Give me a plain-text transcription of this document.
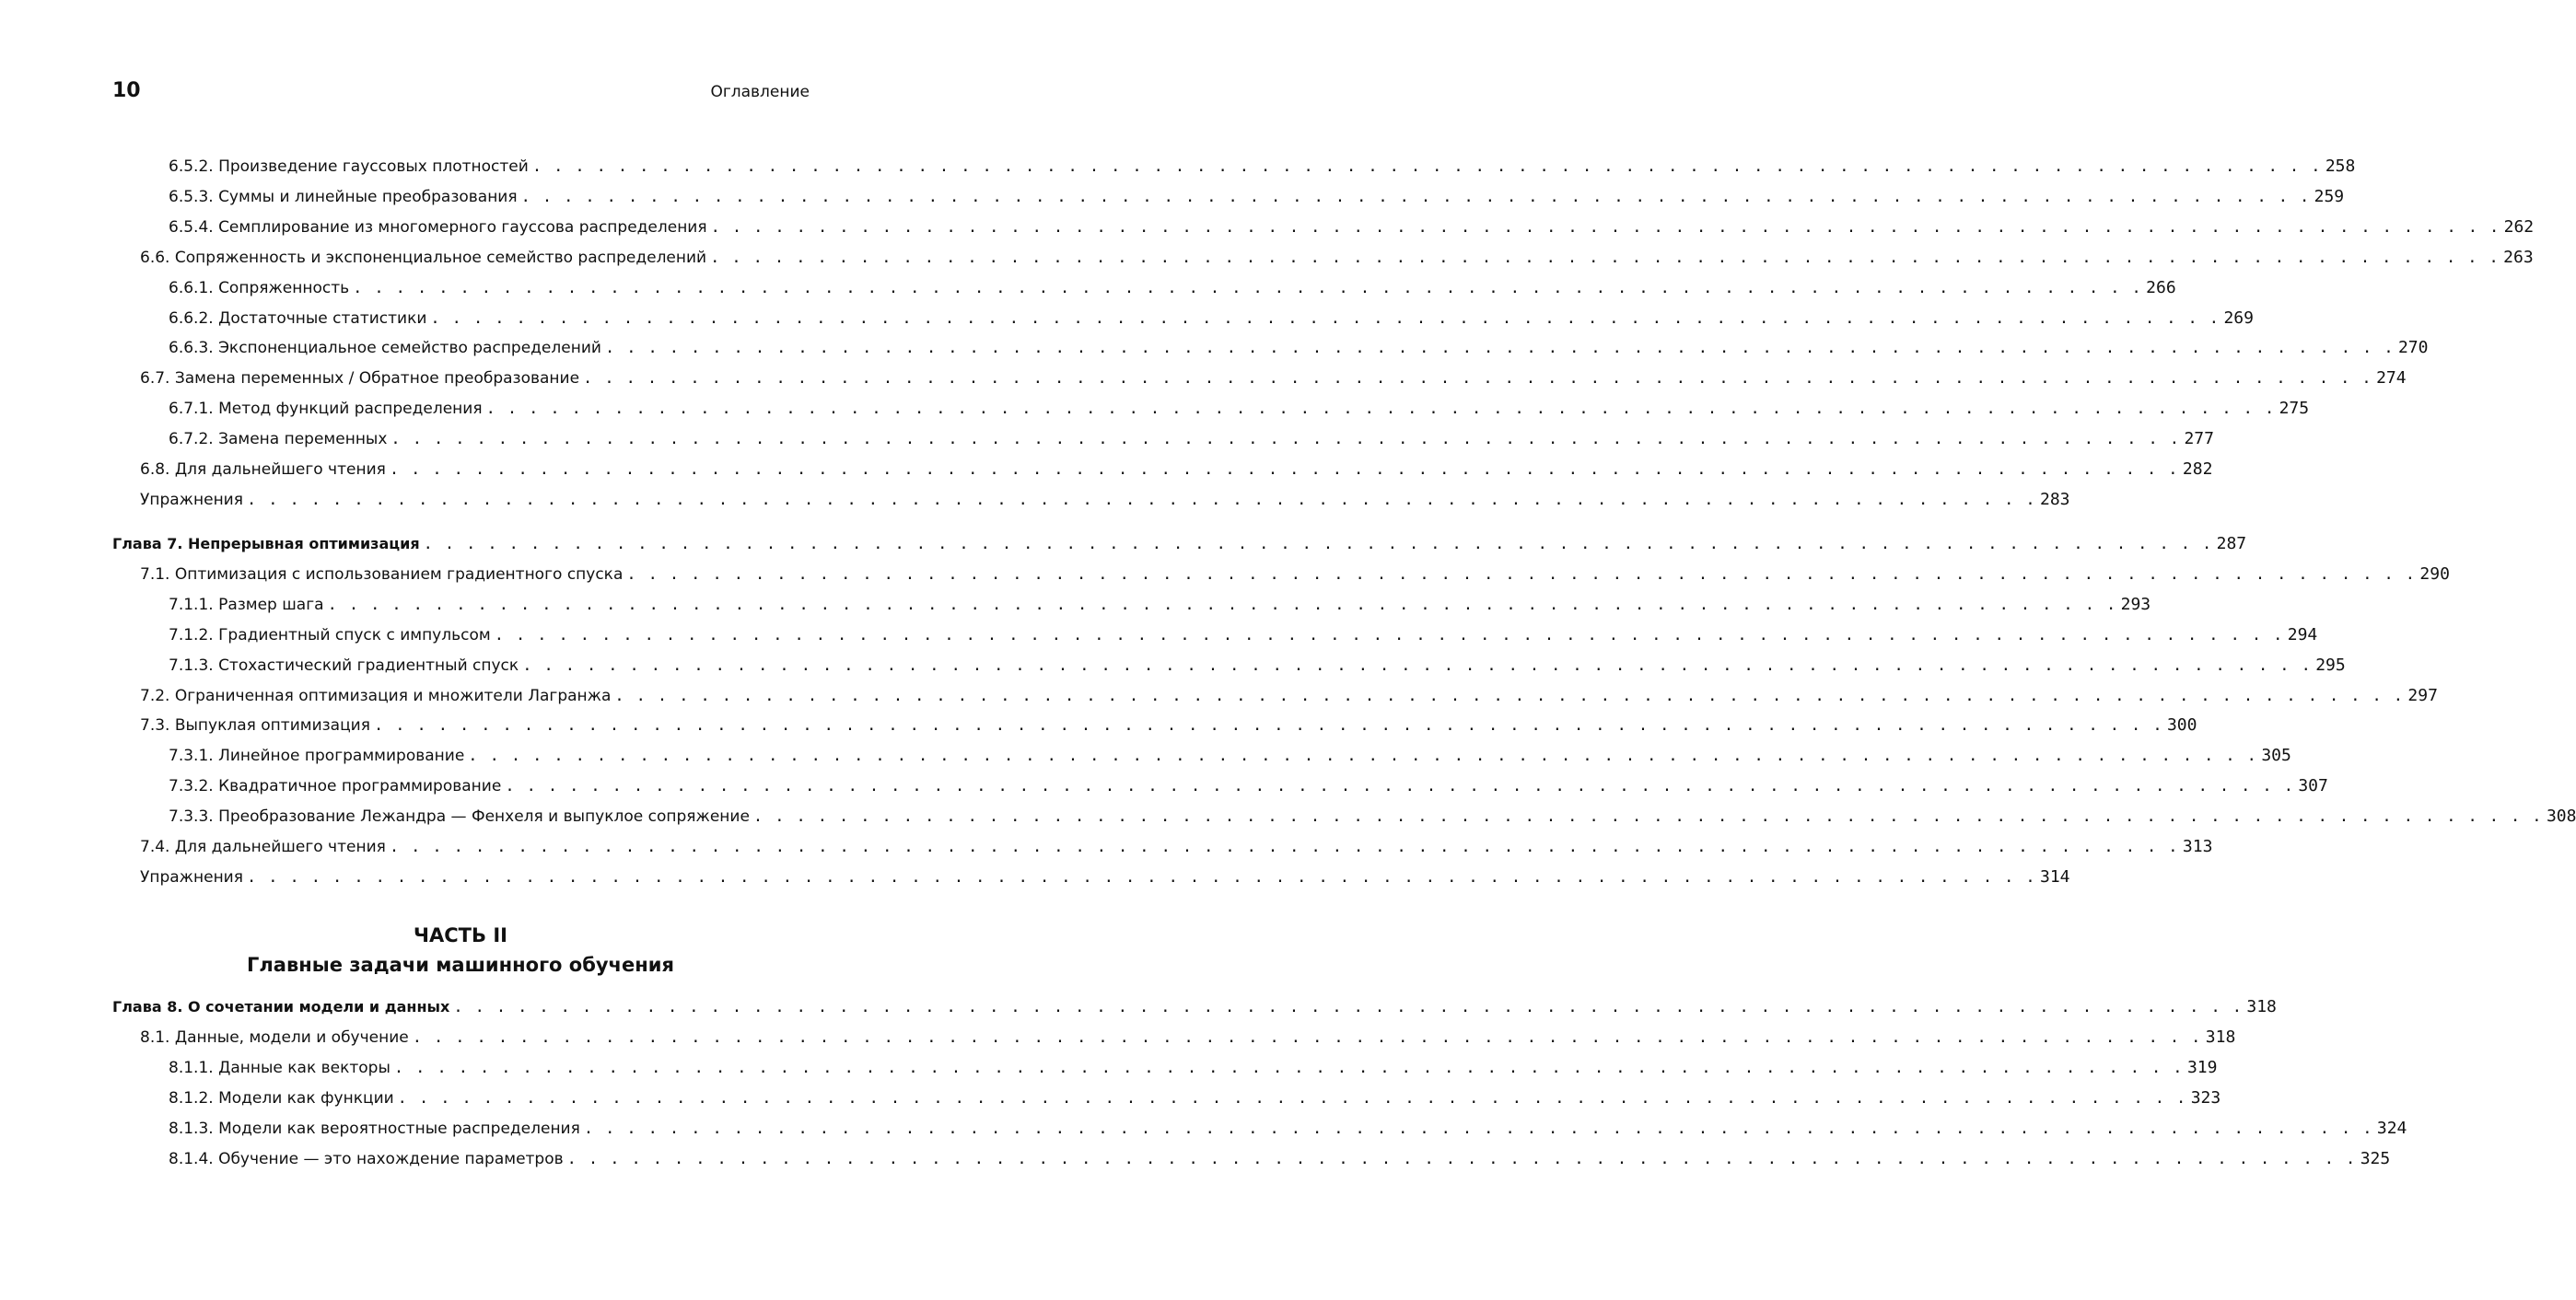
10	Оглавление
6.5.2. Произведение гауссовых плотностей . . . . . . . . . . . . . . . . . . . . . . . . . . . . . . . . . . . . . . . . . . . . . . . . . . . . . . . . . . . . . . . . . . . . . . . . . . . . . . . . . . . . 258
6.5.3. Суммы и линейные преобразования . . . . . . . . . . . . . . . . . . . . . . . . . . . . . . . . . . . . . . . . . . . . . . . . . . . . . . . . . . . . . . . . . . . . . . . . . . . . . . . . . . . . 259
6.5.4. Семплирование из многомерного гауссова распределения . . . . . . . . . . . . . . . . . . . . . . . . . . . . . . . . . . . . . . . . . . . . . . . . . . . . . . . . . . . . . . . . . . . . . . . . . . . . . . . . . . . . 262
6.6. Сопряженность и экспоненциальное семейство распределений . . . . . . . . . . . . . . . . . . . . . . . . . . . . . . . . . . . . . . . . . . . . . . . . . . . . . . . . . . . . . . . . . . . . . . . . . . . . . . . . . . . . 263
6.6.1. Сопряженность . . . . . . . . . . . . . . . . . . . . . . . . . . . . . . . . . . . . . . . . . . . . . . . . . . . . . . . . . . . . . . . . . . . . . . . . . . . . . . . . . . . . 266
6.6.2. Достаточные статистики . . . . . . . . . . . . . . . . . . . . . . . . . . . . . . . . . . . . . . . . . . . . . . . . . . . . . . . . . . . . . . . . . . . . . . . . . . . . . . . . . . . . 269
6.6.3. Экспоненциальное семейство распределений . . . . . . . . . . . . . . . . . . . . . . . . . . . . . . . . . . . . . . . . . . . . . . . . . . . . . . . . . . . . . . . . . . . . . . . . . . . . . . . . . . . . 270
6.7. Замена переменных / Обратное преобразование . . . . . . . . . . . . . . . . . . . . . . . . . . . . . . . . . . . . . . . . . . . . . . . . . . . . . . . . . . . . . . . . . . . . . . . . . . . . . . . . . . . . 274
6.7.1. Метод функций распределения . . . . . . . . . . . . . . . . . . . . . . . . . . . . . . . . . . . . . . . . . . . . . . . . . . . . . . . . . . . . . . . . . . . . . . . . . . . . . . . . . . . . 275
6.7.2. Замена переменных . . . . . . . . . . . . . . . . . . . . . . . . . . . . . . . . . . . . . . . . . . . . . . . . . . . . . . . . . . . . . . . . . . . . . . . . . . . . . . . . . . . . 277
6.8. Для дальнейшего чтения . . . . . . . . . . . . . . . . . . . . . . . . . . . . . . . . . . . . . . . . . . . . . . . . . . . . . . . . . . . . . . . . . . . . . . . . . . . . . . . . . . . . 282
Упражнения . . . . . . . . . . . . . . . . . . . . . . . . . . . . . . . . . . . . . . . . . . . . . . . . . . . . . . . . . . . . . . . . . . . . . . . . . . . . . . . . . . . . 283
Глава 7. Непрерывная оптимизация . . . . . . . . . . . . . . . . . . . . . . . . . . . . . . . . . . . . . . . . . . . . . . . . . . . . . . . . . . . . . . . . . . . . . . . . . . . . . . . . . . . . 287
7.1. Оптимизация с использованием градиентного спуска . . . . . . . . . . . . . . . . . . . . . . . . . . . . . . . . . . . . . . . . . . . . . . . . . . . . . . . . . . . . . . . . . . . . . . . . . . . . . . . . . . . . 290
7.1.1. Размер шага . . . . . . . . . . . . . . . . . . . . . . . . . . . . . . . . . . . . . . . . . . . . . . . . . . . . . . . . . . . . . . . . . . . . . . . . . . . . . . . . . . . . 293
7.1.2. Градиентный спуск с импульсом . . . . . . . . . . . . . . . . . . . . . . . . . . . . . . . . . . . . . . . . . . . . . . . . . . . . . . . . . . . . . . . . . . . . . . . . . . . . . . . . . . . . 294
7.1.3. Стохастический градиентный спуск . . . . . . . . . . . . . . . . . . . . . . . . . . . . . . . . . . . . . . . . . . . . . . . . . . . . . . . . . . . . . . . . . . . . . . . . . . . . . . . . . . . . 295
7.2. Ограниченная оптимизация и множители Лагранжа . . . . . . . . . . . . . . . . . . . . . . . . . . . . . . . . . . . . . . . . . . . . . . . . . . . . . . . . . . . . . . . . . . . . . . . . . . . . . . . . . . . . 297
7.3. Выпуклая оптимизация . . . . . . . . . . . . . . . . . . . . . . . . . . . . . . . . . . . . . . . . . . . . . . . . . . . . . . . . . . . . . . . . . . . . . . . . . . . . . . . . . . . . 300
7.3.1. Линейное программирование . . . . . . . . . . . . . . . . . . . . . . . . . . . . . . . . . . . . . . . . . . . . . . . . . . . . . . . . . . . . . . . . . . . . . . . . . . . . . . . . . . . . 305
7.3.2. Квадратичное программирование . . . . . . . . . . . . . . . . . . . . . . . . . . . . . . . . . . . . . . . . . . . . . . . . . . . . . . . . . . . . . . . . . . . . . . . . . . . . . . . . . . . . 307
7.3.3. Преобразование Лежандра — Фенхеля и выпуклое сопряжение . . . . . . . . . . . . . . . . . . . . . . . . . . . . . . . . . . . . . . . . . . . . . . . . . . . . . . . . . . . . . . . . . . . . . . . . . . . . . . . . . . . . 308
7.4. Для дальнейшего чтения . . . . . . . . . . . . . . . . . . . . . . . . . . . . . . . . . . . . . . . . . . . . . . . . . . . . . . . . . . . . . . . . . . . . . . . . . . . . . . . . . . . . 313
Упражнения . . . . . . . . . . . . . . . . . . . . . . . . . . . . . . . . . . . . . . . . . . . . . . . . . . . . . . . . . . . . . . . . . . . . . . . . . . . . . . . . . . . . 314
Глава 8. О сочетании модели и данных . . . . . . . . . . . . . . . . . . . . . . . . . . . . . . . . . . . . . . . . . . . . . . . . . . . . . . . . . . . . . . . . . . . . . . . . . . . . . . . . . . . . 318
8.1. Данные, модели и обучение . . . . . . . . . . . . . . . . . . . . . . . . . . . . . . . . . . . . . . . . . . . . . . . . . . . . . . . . . . . . . . . . . . . . . . . . . . . . . . . . . . . . 318
8.1.1. Данные как векторы . . . . . . . . . . . . . . . . . . . . . . . . . . . . . . . . . . . . . . . . . . . . . . . . . . . . . . . . . . . . . . . . . . . . . . . . . . . . . . . . . . . . 319
8.1.2. Модели как функции . . . . . . . . . . . . . . . . . . . . . . . . . . . . . . . . . . . . . . . . . . . . . . . . . . . . . . . . . . . . . . . . . . . . . . . . . . . . . . . . . . . . 323
8.1.3. Модели как вероятностные распределения . . . . . . . . . . . . . . . . . . . . . . . . . . . . . . . . . . . . . . . . . . . . . . . . . . . . . . . . . . . . . . . . . . . . . . . . . . . . . . . . . . . . 324
8.1.4. Обучение — это нахождение параметров . . . . . . . . . . . . . . . . . . . . . . . . . . . . . . . . . . . . . . . . . . . . . . . . . . . . . . . . . . . . . . . . . . . . . . . . . . . . . . . . . . . . 325
ЧАСТЬ II
Главные задачи машинного обучения
